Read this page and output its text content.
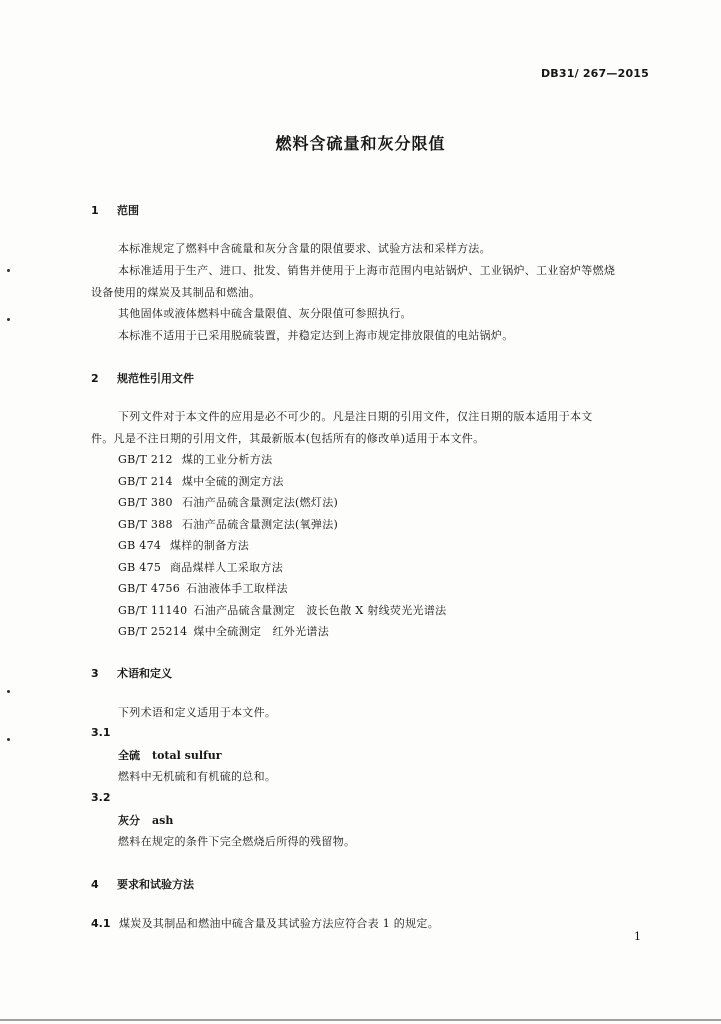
DB31/ 267—2015
燃料含硫量和灰分限值
1 范围
本标准规定了燃料中含硫量和灰分含量的限值要求、试验方法和采样方法。
本标准适用于生产、进口、批发、销售并使用于上海市范围内电站锅炉、工业锅炉、工业窑炉等燃烧
设备使用的煤炭及其制品和燃油。
其他固体或液体燃料中硫含量限值、灰分限值可参照执行。
本标准不适用于已采用脱硫装置，并稳定达到上海市规定排放限值的电站锅炉。
2 规范性引用文件
下列文件对于本文件的应用是必不可少的。凡是注日期的引用文件，仅注日期的版本适用于本文
件。凡是不注日期的引用文件，其最新版本(包括所有的修改单)适用于本文件。
GB/T 212 煤的工业分析方法
GB/T 214 煤中全硫的测定方法
GB/T 380 石油产品硫含量测定法(燃灯法)
GB/T 388 石油产品硫含量测定法(氧弹法)
GB 474 煤样的制备方法
GB 475 商品煤样人工采取方法
GB/T 4756 石油液体手工取样法
GB/T 11140 石油产品硫含量测定　波长色散 X 射线荧光光谱法
GB/T 25214 煤中全硫测定　红外光谱法
3 术语和定义
下列术语和定义适用于本文件。
3.1
全硫 total sulfur
燃料中无机硫和有机硫的总和。
3.2
灰分 ash
燃料在规定的条件下完全燃烧后所得的残留物。
4 要求和试验方法
4.1 煤炭及其制品和燃油中硫含量及其试验方法应符合表 1 的规定。
1
